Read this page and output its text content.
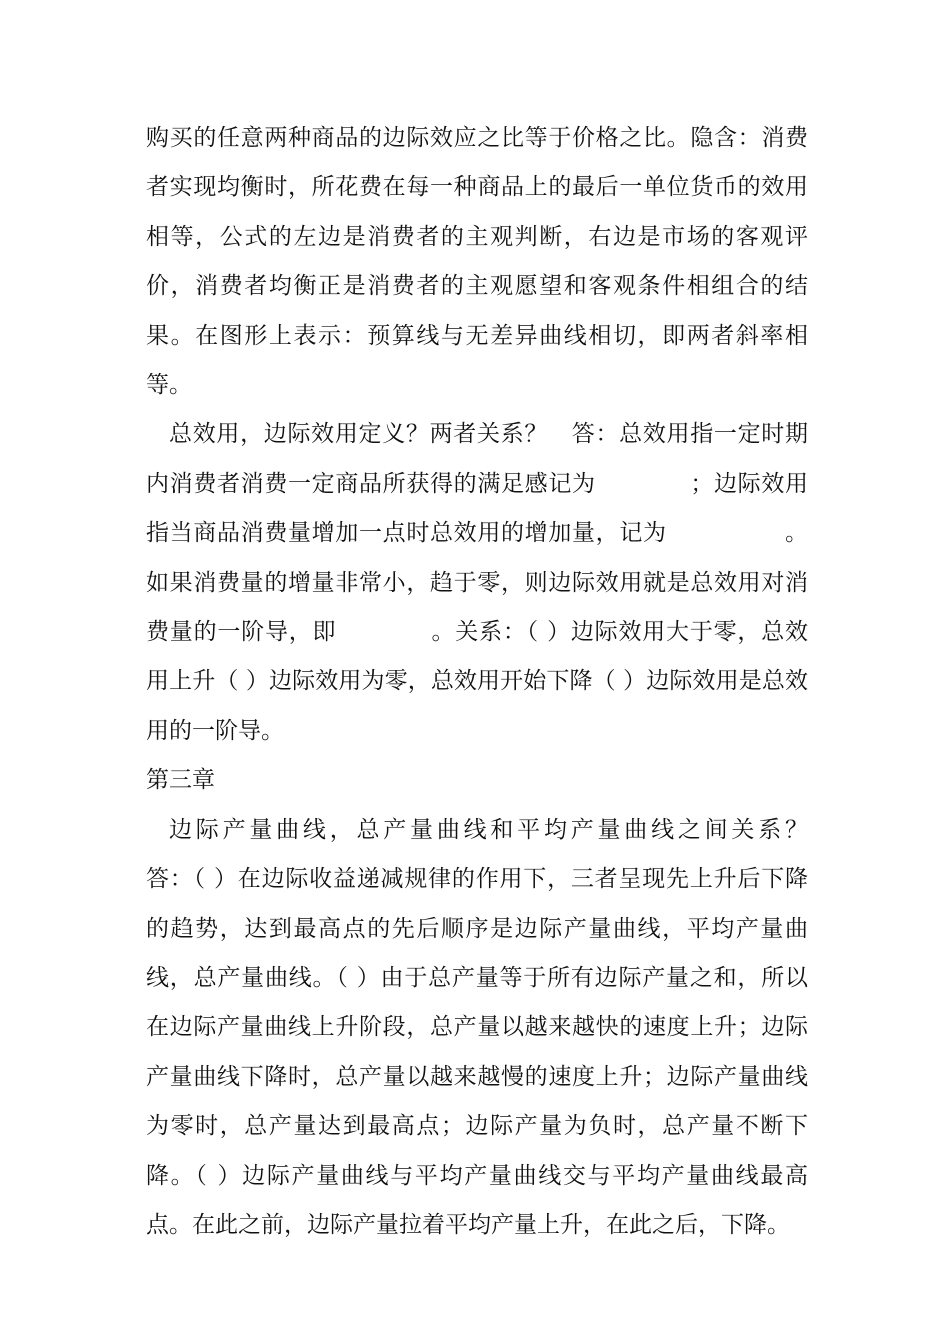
购买的任意两种商品的边际效应之比等于价格之比。隐含：消费者实现均衡时，所花费在每一种商品上的最后一单位货币的效用相等，公式的左边是消费者的主观判断，右边是市场的客观评价，消费者均衡正是消费者的主观愿望和客观条件相组合的结果。在图形上表示：预算线与无差异曲线相切，即两者斜率相等。

总效用，边际效用定义？两者关系？　答：总效用指一定时期内消费者消费一定商品所获得的满足感记为　　　　；边际效用指当商品消费量增加一点时总效用的增加量，记为　　　　　。如果消费量的增量非常小，趋于零，则边际效用就是总效用对消费量的一阶导，即　　　　。关系：（ ）边际效用大于零，总效用上升（ ）边际效用为零，总效用开始下降（ ）边际效用是总效用的一阶导。

第三章

边际产量曲线，总产量曲线和平均产量曲线之间关系？　　答：（ ）在边际收益递减规律的作用下，三者呈现先上升后下降的趋势，达到最高点的先后顺序是边际产量曲线，平均产量曲线，总产量曲线。（ ）由于总产量等于所有边际产量之和，所以在边际产量曲线上升阶段，总产量以越来越快的速度上升；边际产量曲线下降时，总产量以越来越慢的速度上升；边际产量曲线为零时，总产量达到最高点；边际产量为负时，总产量不断下降。（ ）边际产量曲线与平均产量曲线交与平均产量曲线最高点。在此之前，边际产量拉着平均产量上升，在此之后，下降。
